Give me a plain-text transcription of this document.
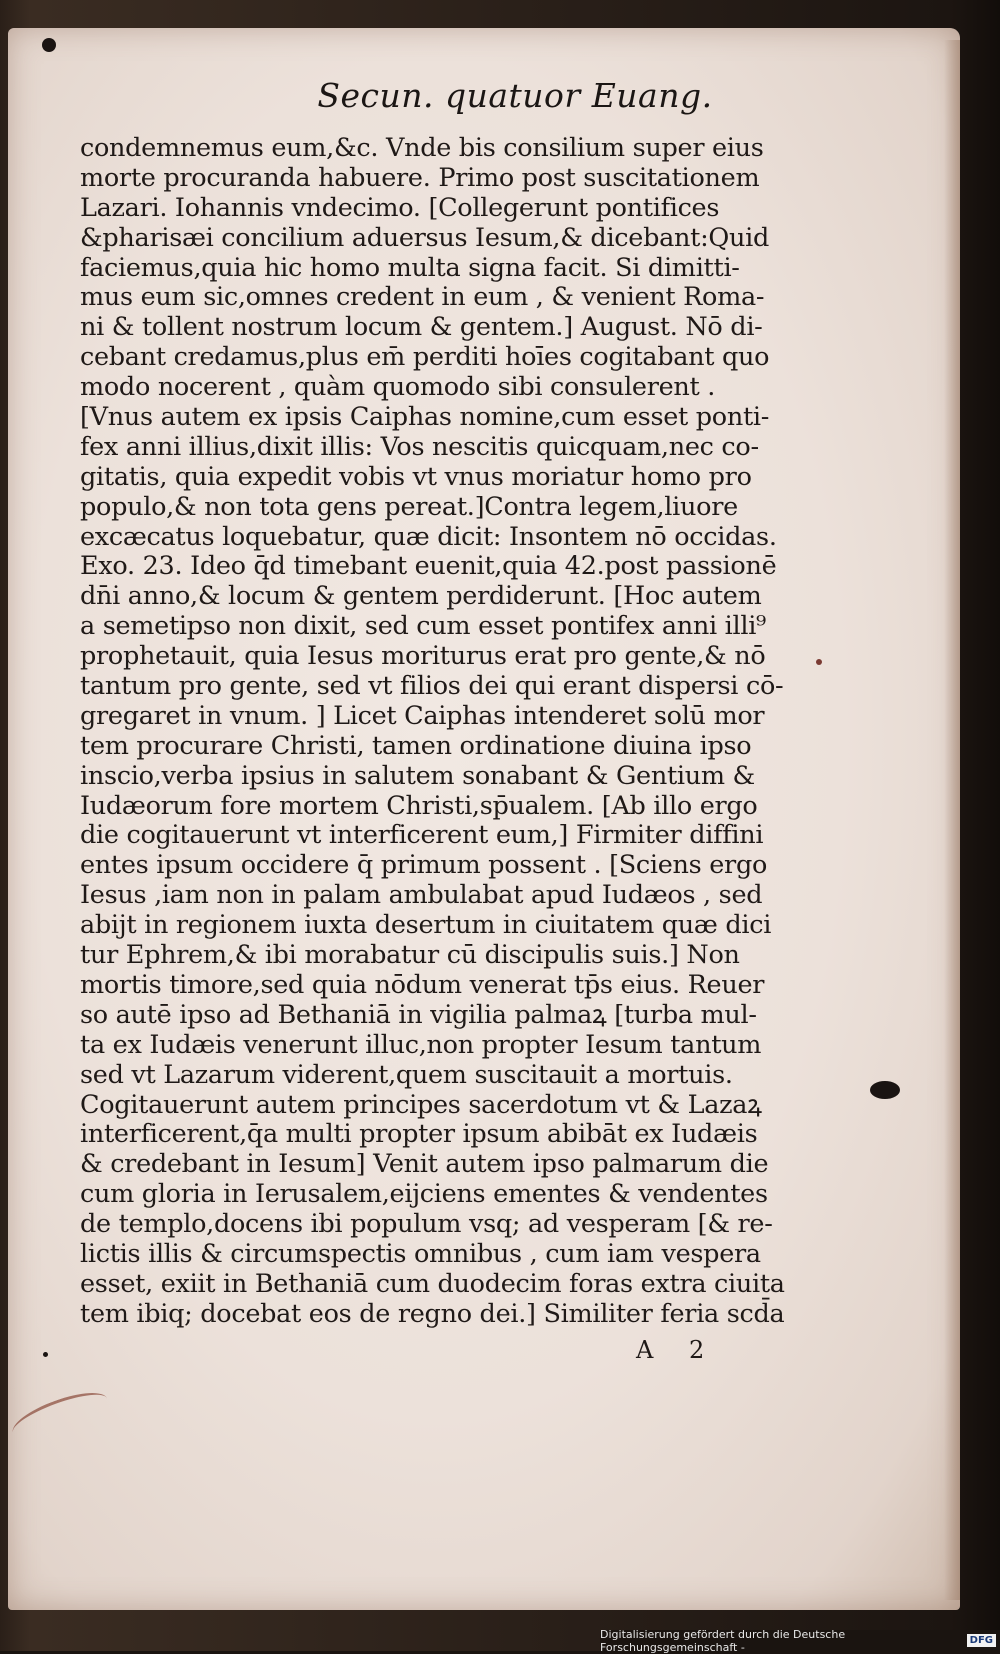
Secun. quatuor Euang.
condemnemus eum,&c. Vnde bis consilium super eius
morte procuranda habuere. Primo post suscitationem
Lazari. Iohannis vndecimo. [Collegerunt pontifices
&pharisæi concilium aduersus Iesum,& dicebant:Quid
faciemus,quia hic homo multa signa facit. Si dimitti-
mus eum sic,omnes credent in eum , & venient Roma-
ni & tollent nostrum locum & gentem.] August. Nō di-
cebant credamus,plus em̄ perditi hoīes cogitabant quo
modo nocerent , quàm quomodo sibi consulerent .
[Vnus autem ex ipsis Caiphas nomine,cum esset ponti-
fex anni illius,dixit illis: Vos nescitis quicquam,nec co-
gitatis, quia expedit vobis vt vnus moriatur homo pro
populo,& non tota gens pereat.]Contra legem,liuore
excæcatus loquebatur, quæ dicit: Insontem nō occidas.
Exo. 23. Ideo q̄d timebant euenit,quia 42.post passionē
dn̄i anno,& locum & gentem perdiderunt. [Hoc autem
a semetipso non dixit, sed cum esset pontifex anni illi⁹
prophetauit, quia Iesus moriturus erat pro gente,& nō
tantum pro gente, sed vt filios dei qui erant dispersi cō-
gregaret in vnum. ] Licet Caiphas intenderet solū mor
tem procurare Christi, tamen ordinatione diuina ipso
inscio,verba ipsius in salutem sonabant & Gentium &
Iudæorum fore mortem Christi,sp̄ualem. [Ab illo ergo
die cogitauerunt vt interficerent eum,] Firmiter diffini
entes ipsum occidere q̄ primum possent . [Sciens ergo
Iesus ,iam non in palam ambulabat apud Iudæos , sed
abijt in regionem iuxta desertum in ciuitatem quæ dici
tur Ephrem,& ibi morabatur cū discipulis suis.] Non
mortis timore,sed quia nōdum venerat tp̄s eius. Reuer
so autē ipso ad Bethaniā in vigilia palmaꝝ [turba mul-
ta ex Iudæis venerunt illuc,non propter Iesum tantum
sed vt Lazarum viderent,quem suscitauit a mortuis.
Cogitauerunt autem principes sacerdotum vt & Lazaꝝ
interficerent,q̄a multi propter ipsum abibāt ex Iudæis
& credebant in Iesum] Venit autem ipso palmarum die
cum gloria in Ierusalem,eijciens ementes & vendentes
de templo,docens ibi populum vsq; ad vesperam [& re-
lictis illis & circumspectis omnibus , cum iam vespera
esset, exiit in Bethaniā cum duodecim foras extra ciuita
tem ibiq; docebat eos de regno dei.] Similiter feria scd̄a
A 2
Digitalisierung gefördert durch die Deutsche Forschungsgemeinschaft -	DFG
